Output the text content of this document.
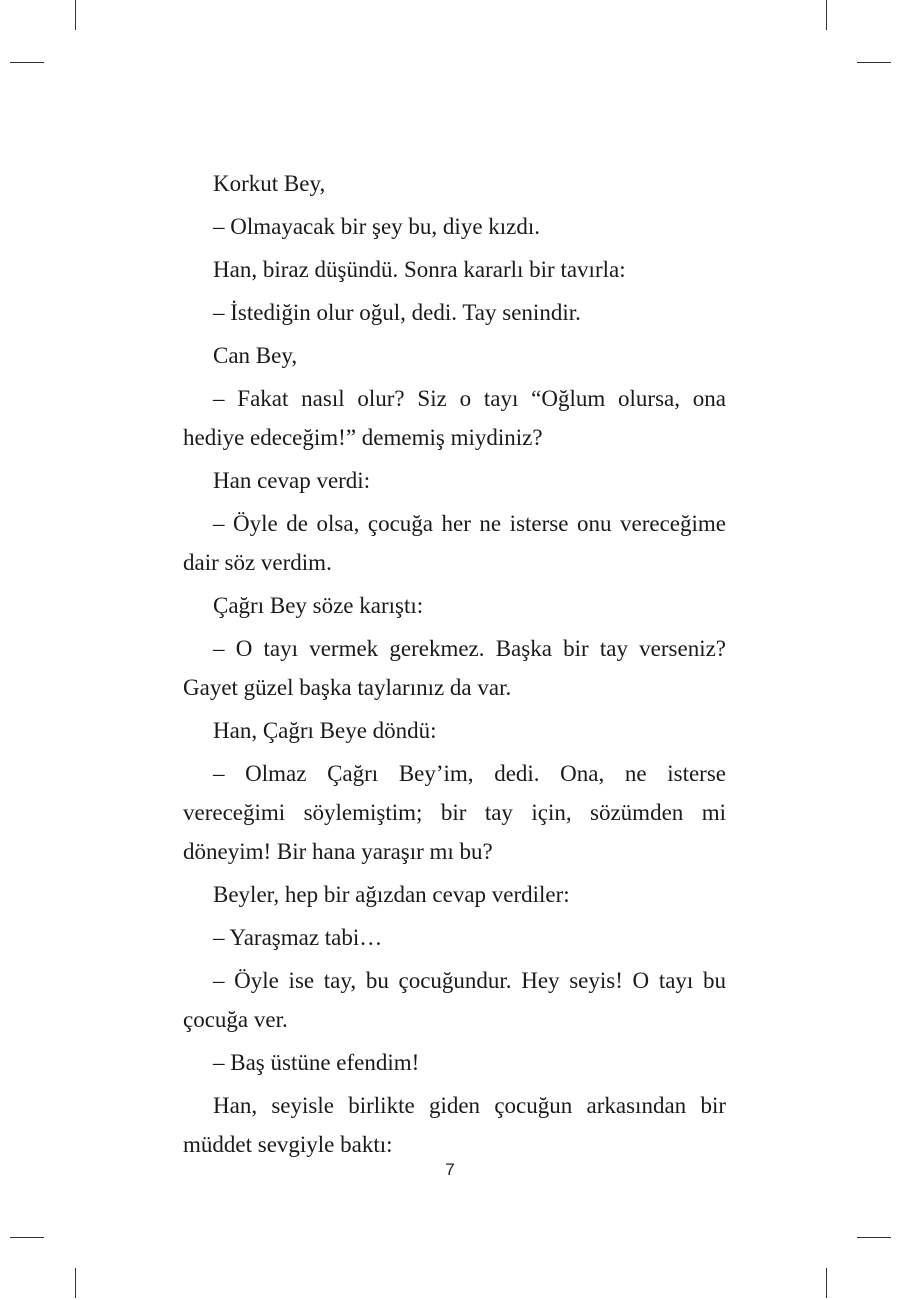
Korkut Bey,

– Olmayacak bir şey bu, diye kızdı.

Han, biraz düşündü. Sonra kararlı bir tavırla:

– İstediğin olur oğul, dedi. Tay senindir.

Can Bey,

– Fakat nasıl olur? Siz o tayı “Oğlum olursa, ona hediye edeceğim!” dememiş miydiniz?

Han cevap verdi:

– Öyle de olsa, çocuğa her ne isterse onu vereceğime dair söz verdim.

Çağrı Bey söze karıştı:

– O tayı vermek gerekmez. Başka bir tay verseniz? Gayet güzel başka taylarınız da var.

Han, Çağrı Beye döndü:

– Olmaz Çağrı Bey’im, dedi. Ona, ne isterse vereceğimi söylemiştim; bir tay için, sözümden mi döneyim! Bir hana yaraşır mı bu?

Beyler, hep bir ağızdan cevap verdiler:

– Yaraşmaz tabi…

– Öyle ise tay, bu çocuğundur. Hey seyis! O tayı bu çocuğa ver.

– Baş üstüne efendim!

Han, seyisle birlikte giden çocuğun arkasından bir müddet sevgiyle baktı:

7
